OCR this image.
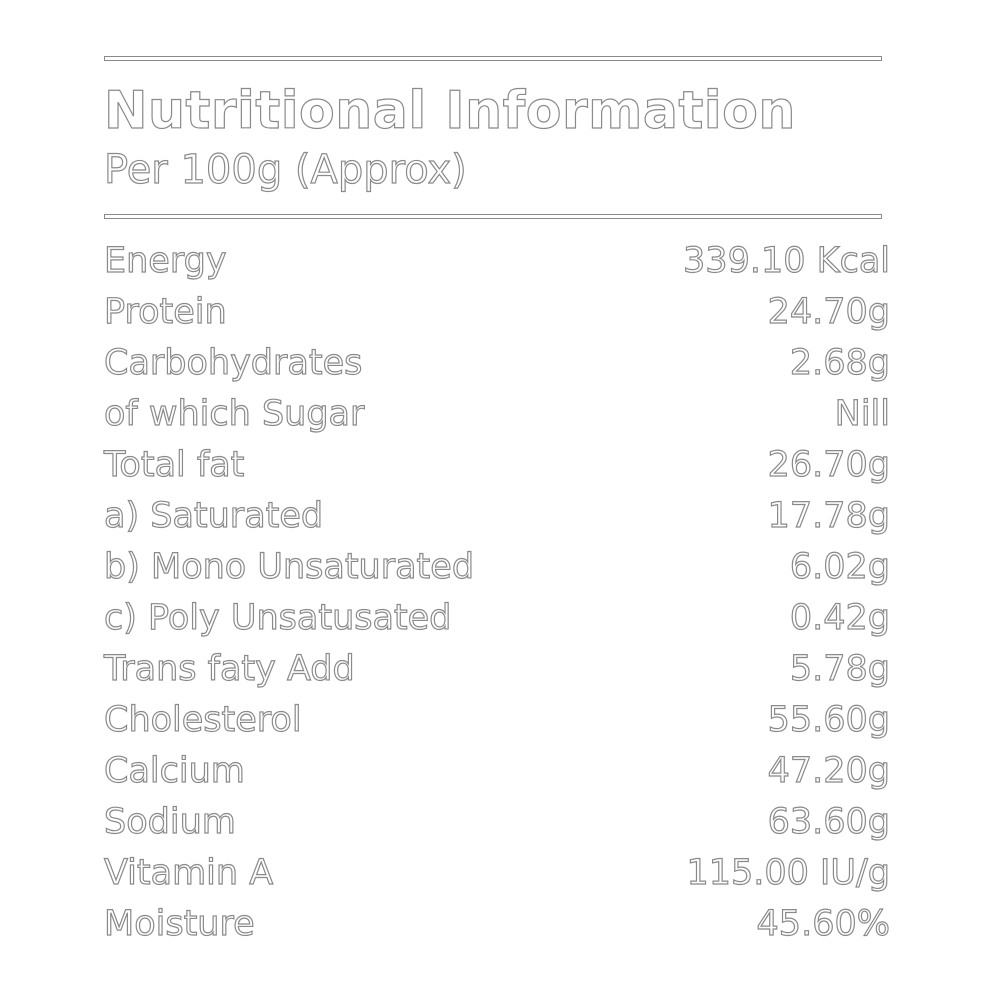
Nutritional Information
Per 100g (Approx)
Energy	339.10 Kcal
Protein	24.70g
Carbohydrates	2.68g
of which Sugar	Nill
Total fat	26.70g
a) Saturated	17.78g
b) Mono Unsaturated	6.02g
c) Poly Unsatusated	0.42g
Trans faty Add	5.78g
Cholesterol	55.60g
Calcium	47.20g
Sodium	63.60g
Vitamin A	115.00 IU/g
Moisture	45.60%
